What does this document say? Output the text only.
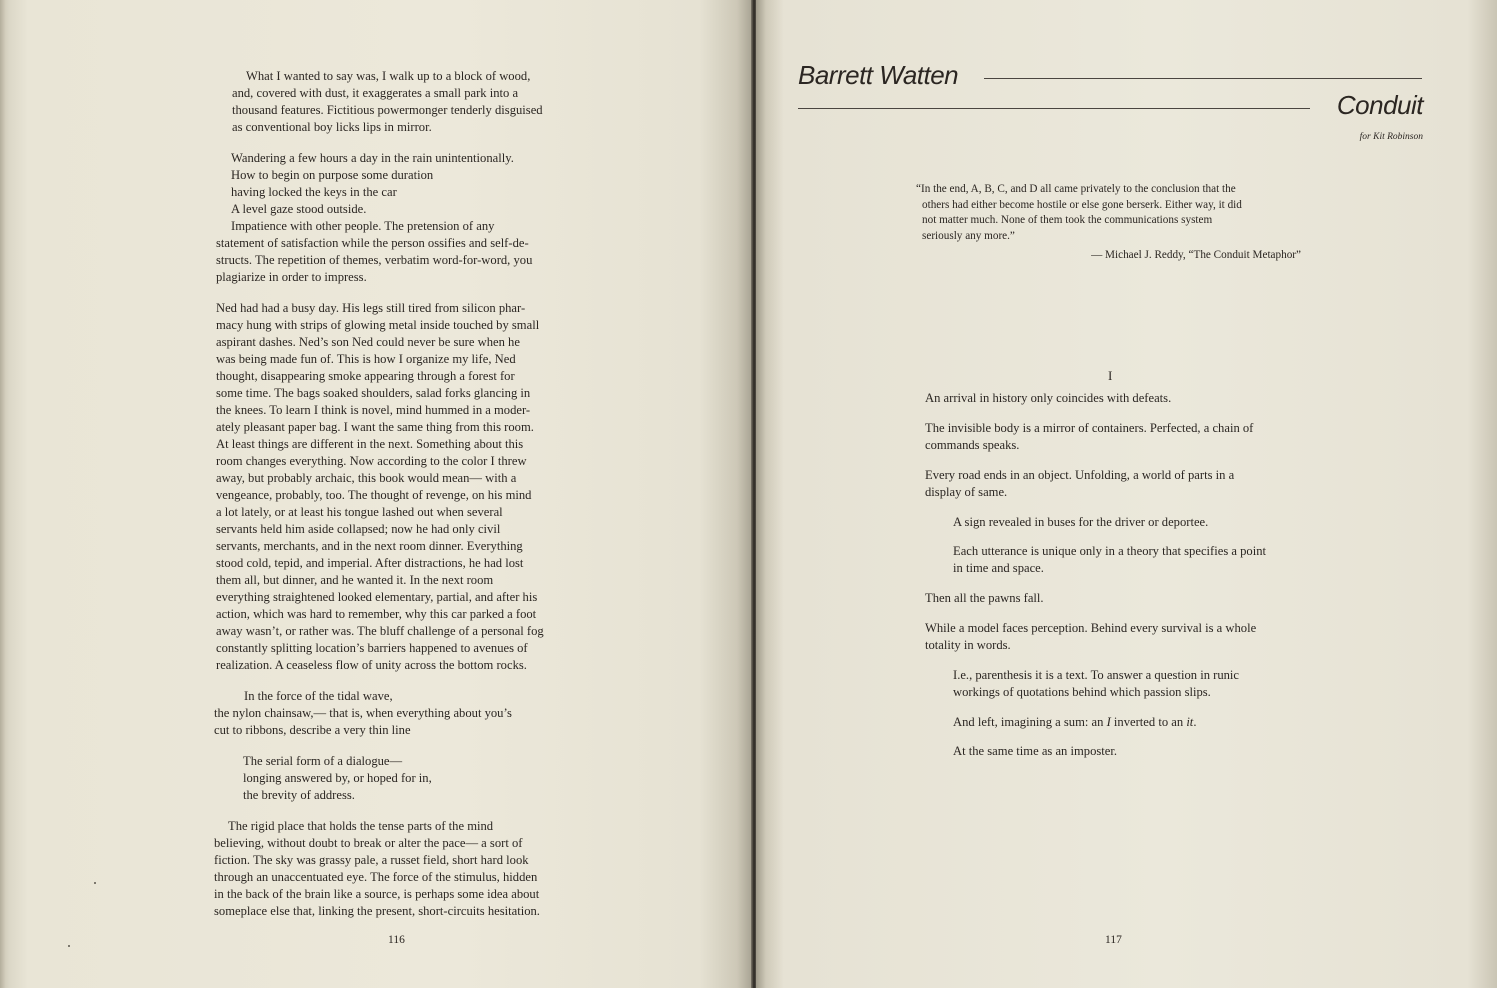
What I wanted to say was, I walk up to a block of wood,

and, covered with dust, it exaggerates a small park into a

thousand features. Fictitious powermonger tenderly disguised

as conventional boy licks lips in mirror.

Wandering a few hours a day in the rain unintentionally.

How to begin on purpose some duration

having locked the keys in the car

A level gaze stood outside.

Impatience with other people. The pretension of any

statement of satisfaction while the person ossifies and self-de-

structs. The repetition of themes, verbatim word-for-word, you

plagiarize in order to impress.

Ned had had a busy day. His legs still tired from silicon phar-

macy hung with strips of glowing metal inside touched by small

aspirant dashes. Ned’s son Ned could never be sure when he

was being made fun of. This is how I organize my life, Ned

thought, disappearing smoke appearing through a forest for

some time. The bags soaked shoulders, salad forks glancing in

the knees. To learn I think is novel, mind hummed in a moder-

ately pleasant paper bag. I want the same thing from this room.

At least things are different in the next. Something about this

room changes everything. Now according to the color I threw

away, but probably archaic, this book would mean— with a

vengeance, probably, too. The thought of revenge, on his mind

a lot lately, or at least his tongue lashed out when several

servants held him aside collapsed; now he had only civil

servants, merchants, and in the next room dinner. Everything

stood cold, tepid, and imperial. After distractions, he had lost

them all, but dinner, and he wanted it. In the next room

everything straightened looked elementary, partial, and after his

action, which was hard to remember, why this car parked a foot

away wasn’t, or rather was. The bluff challenge of a personal fog

constantly splitting location’s barriers happened to avenues of

realization. A ceaseless flow of unity across the bottom rocks.

In the force of the tidal wave,

the nylon chainsaw,— that is, when everything about you’s

cut to ribbons, describe a very thin line

The serial form of a dialogue—

longing answered by, or hoped for in,

the brevity of address.

The rigid place that holds the tense parts of the mind

believing, without doubt to break or alter the pace— a sort of

fiction. The sky was grassy pale, a russet field, short hard look

through an unaccentuated eye. The force of the stimulus, hidden

in the back of the brain like a source, is perhaps some idea about

someplace else that, linking the present, short-circuits hesitation.

116
Barrett Watten
Conduit
for Kit Robinson
“In the end, A, B, C, and D all came privately to the conclusion that the
others had either become hostile or else gone berserk. Either way, it did
not matter much. None of them took the communications system
seriously any more.”
— Michael J. Reddy, “The Conduit Metaphor”
I

An arrival in history only coincides with defeats.

The invisible body is a mirror of containers. Perfected, a chain of
commands speaks.

Every road ends in an object. Unfolding, a world of parts in a
display of same.

A sign revealed in buses for the driver or deportee.

Each utterance is unique only in a theory that specifies a point
in time and space.

Then all the pawns fall.

While a model faces perception. Behind every survival is a whole
totality in words.

I.e., parenthesis it is a text. To answer a question in runic
workings of quotations behind which passion slips.

And left, imagining a sum: an I inverted to an it.

At the same time as an imposter.

117
